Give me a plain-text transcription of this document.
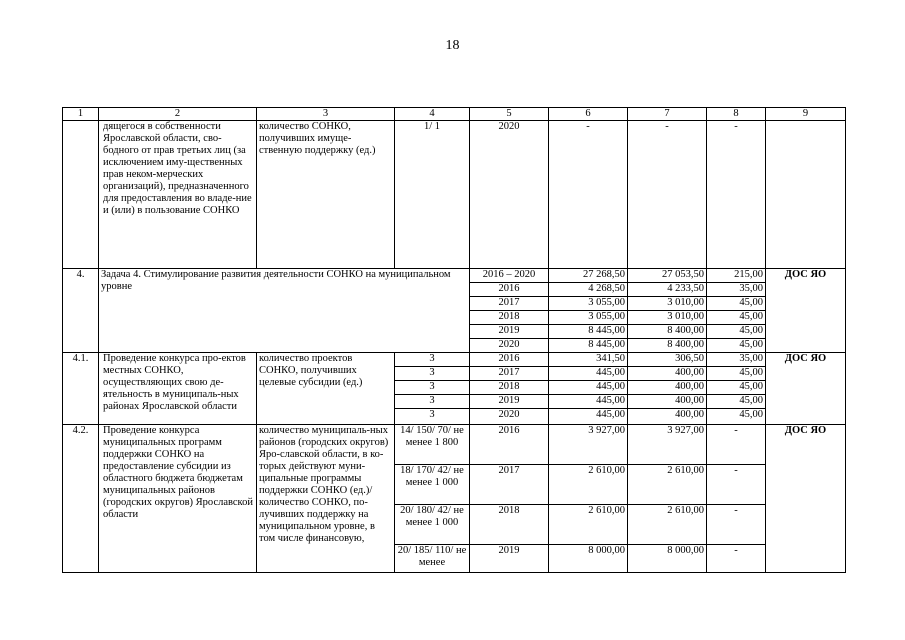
18
1	2	3	4	5	6	7	8	9
	дящегося в собственности Ярославской области, сво-бодного от прав третьих лиц (за исключением иму-щественных прав неком-мерческих организаций), предназначенного для предоставления во владе-ние и (или) в пользование СОНКО	количество СОНКО, получивших имуще-ственную поддержку (ед.)	1/ 1	2020	-	-	-	
4.	Задача 4. Стимулирование развития деятельности СОНКО на муниципальном уровне			2016 – 2020	27 268,50	27 053,50	215,00	ДОС ЯО
				2016	4 268,50	4 233,50	35,00	
				2017	3 055,00	3 010,00	45,00	
				2018	3 055,00	3 010,00	45,00	
				2019	8 445,00	8 400,00	45,00	
				2020	8 445,00	8 400,00	45,00	
4.1.	Проведение конкурса про-ектов местных СОНКО, осуществляющих свою де-ятельность в муниципаль-ных районах Ярославской области	количество проектов СОНКО, получивших целевые субсидии (ед.)	3	2016	341,50	306,50	35,00	ДОС ЯО
			3	2017	445,00	400,00	45,00	
			3	2018	445,00	400,00	45,00	
			3	2019	445,00	400,00	45,00	
			3	2020	445,00	400,00	45,00	
4.2.	Проведение конкурса муниципальных программ поддержки СОНКО на предоставление субсидии из областного бюджета бюджетам муниципальных районов (городских округов) Ярославской области	количество муниципаль-ных районов (городских округов) Яро-славской области, в ко-торых действуют муни-ципальные программы поддержки СОНКО (ед.)/ количество СОНКО, по-лучивших поддержку на муниципальном уровне, в том числе финансовую,	14/ 150/ 70/ не менее 1 800	2016	3 927,00	3 927,00	-	ДОС ЯО
			18/ 170/ 42/ не менее 1 000	2017	2 610,00	2 610,00	-	
			20/ 180/ 42/ не менее 1 000	2018	2 610,00	2 610,00	-	
			20/ 185/ 110/ не менее	2019	8 000,00	8 000,00	-	
